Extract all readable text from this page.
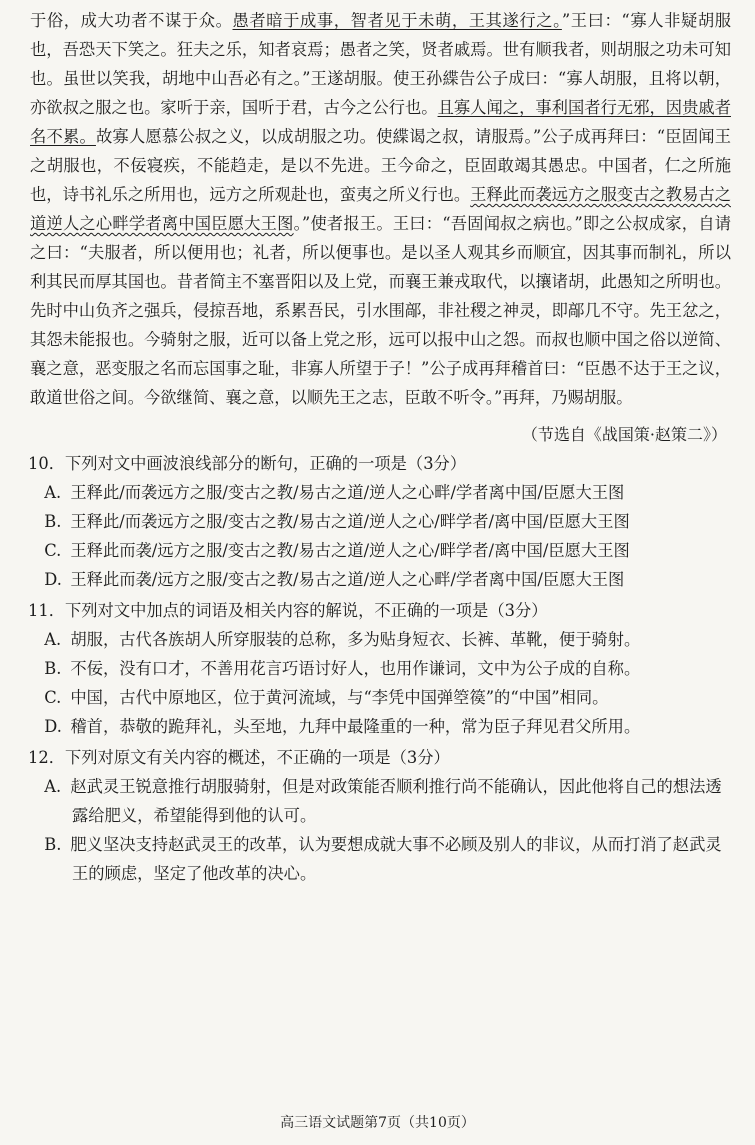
于俗，成大功者不谋于众。愚者暗于成事，智者见于未萌，王其遂行之。”王曰：“寡人非疑胡服也，吾恐天下笑之。狂夫之乐，知者哀焉；愚者之笑，贤者戚焉。世有顺我者，则胡服之功未可知也。虽世以笑我，胡地中山吾必有之。”王遂胡服。使王孙緤告公子成曰：“寡人胡服，且将以朝，亦欲叔之服之也。家听于亲，国听于君，古今之公行也。且寡人闻之，事利国者行无邪，因贵戚者名不累。故寡人愿慕公叔之义，以成胡服之功。使緤谒之叔，请服焉。”公子成再拜曰：“臣固闻王之胡服也，不佞寝疾，不能趋走，是以不先进。王今命之，臣固敢竭其愚忠。中国者，仁之所施也，诗书礼乐之所用也，远方之所观赴也，蛮夷之所义行也。王释此而袭远方之服变古之教易古之道逆人之心畔学者离中国臣愿大王图。”使者报王。王曰：“吾固闻叔之病也。”即之公叔成家，自请之曰：“夫服者，所以便用也；礼者，所以便事也。是以圣人观其乡而顺宜，因其事而制礼，所以利其民而厚其国也。昔者简主不塞晋阳以及上党，而襄王兼戎取代，以攘诸胡，此愚知之所明也。先时中山负齐之强兵，侵掠吾地，系累吾民，引水围鄗，非社稷之神灵，即鄗几不守。先王忿之，其怨未能报也。今骑射之服，近可以备上党之形，远可以报中山之怨。而叔也顺中国之俗以逆简、襄之意，恶变服之名而忘国事之耻，非寡人所望于子！”公子成再拜稽首曰：“臣愚不达于王之议，敢道世俗之间。今欲继简、襄之意，以顺先王之志，臣敢不听令。”再拜，乃赐胡服。

（节选自《战国策·赵策二》）
10．下列对文中画波浪线部分的断句，正确的一项是（3分）
A. 王释此/而袭远方之服/变古之教/易古之道/逆人之心畔/学者离中国/臣愿大王图
B. 王释此/而袭远方之服/变古之教/易古之道/逆人之心/畔学者/离中国/臣愿大王图
C. 王释此而袭/远方之服/变古之教/易古之道/逆人之心/畔学者/离中国/臣愿大王图
D. 王释此而袭/远方之服/变古之教/易古之道/逆人之心畔/学者离中国/臣愿大王图
11．下列对文中加点的词语及相关内容的解说，不正确的一项是（3分）
A. 胡服，古代各族胡人所穿服装的总称，多为贴身短衣、长裤、革靴，便于骑射。
B. 不佞，没有口才，不善用花言巧语讨好人，也用作谦词，文中为公子成的自称。
C. 中国，古代中原地区，位于黄河流域，与“李凭中国弹箜篌”的“中国”相同。
D. 稽首，恭敬的跪拜礼，头至地，九拜中最隆重的一种，常为臣子拜见君父所用。
12．下列对原文有关内容的概述，不正确的一项是（3分）
A. 赵武灵王锐意推行胡服骑射，但是对政策能否顺利推行尚不能确认，因此他将自己的想法透露给肥义，希望能得到他的认可。
B. 肥义坚决支持赵武灵王的改革，认为要想成就大事不必顾及别人的非议，从而打消了赵武灵王的顾虑，坚定了他改革的决心。
高三语文试题第7页（共10页）
